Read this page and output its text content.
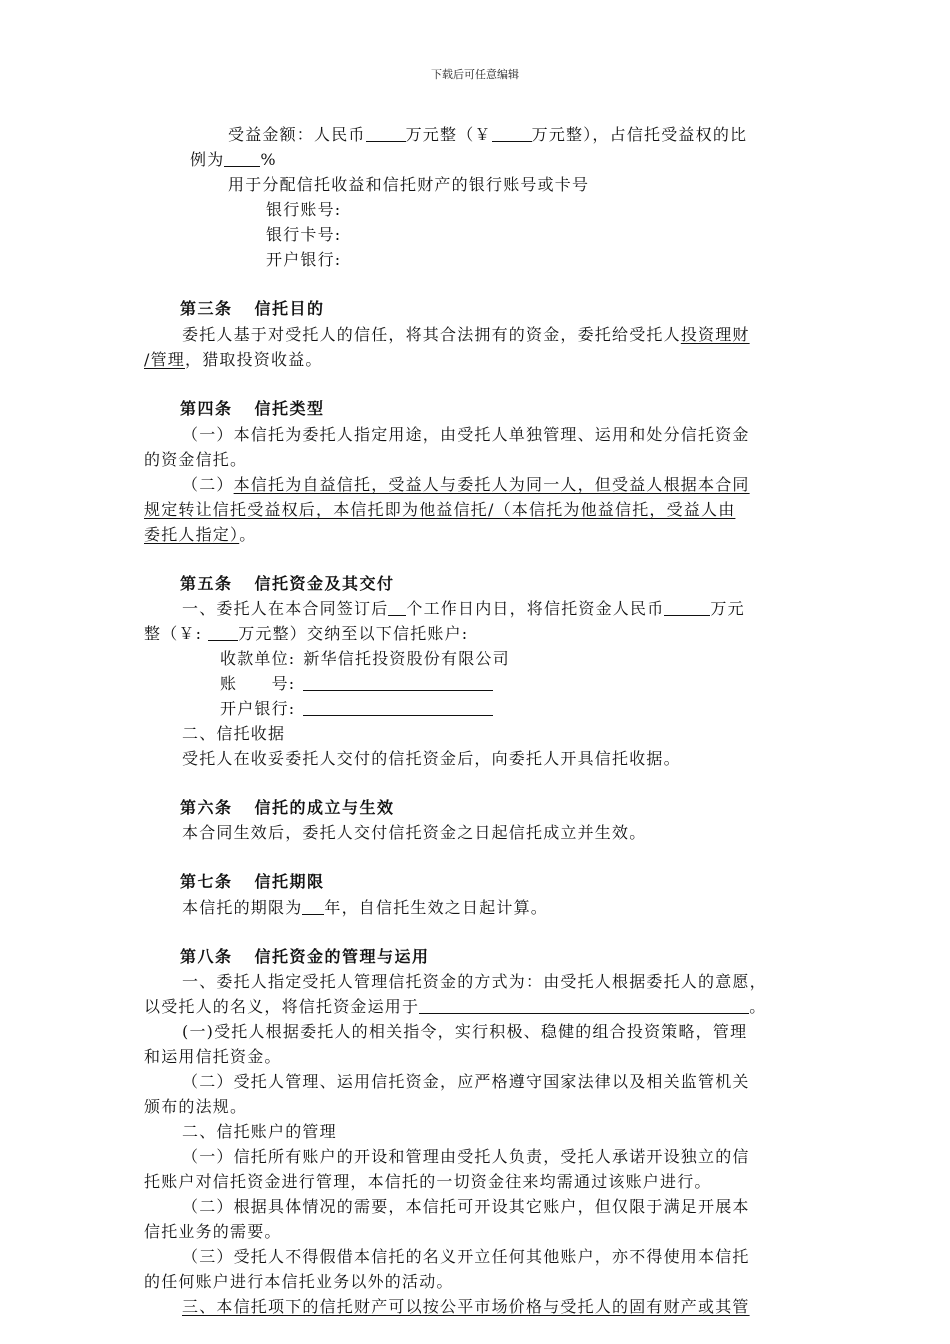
下载后可任意编辑
受益金额：人民币	万元整（￥	万元整），占信托受益权的比
例为 %
用于分配信托收益和信托财产的银行账号或卡号
银行账号:
银行卡号:
开户银行:
第三条 信托目的
委托人基于对受托人的信任，将其合法拥有的资金，委托给受托人投资理财
/管理，猎取投资收益。
第四条 信托类型
（一）本信托为委托人指定用途，由受托人单独管理、运用和处分信托资金
的资金信托。
（二）本信托为自益信托，受益人与委托人为同一人，但受益人根据本合同
规定转让信托受益权后，本信托即为他益信托/（本信托为他益信托，受益人由
委托人指定）。
第五条 信托资金及其交付
一、委托人在本合同签订后 个工作日内日，将信托资金人民币	万元
整（￥: 万元整）交纳至以下信托账户:
收款单位: 新华信托投资股份有限公司
账　　号:
开户银行:
二、信托收据
受托人在收妥委托人交付的信托资金后，向委托人开具信托收据。
第六条 信托的成立与生效
本合同生效后，委托人交付信托资金之日起信托成立并生效。
第七条 信托期限
本信托的期限为 年，自信托生效之日起计算。
第八条 信托资金的管理与运用
一、委托人指定受托人管理信托资金的方式为：由受托人根据委托人的意愿，
以受托人的名义，将信托资金运用于	。
(一)受托人根据委托人的相关指令，实行积极、稳健的组合投资策略，管理
和运用信托资金。
（二）受托人管理、运用信托资金，应严格遵守国家法律以及相关监管机关
颁布的法规。
二、信托账户的管理
（一）信托所有账户的开设和管理由受托人负责，受托人承诺开设独立的信
托账户对信托资金进行管理，本信托的一切资金往来均需通过该账户进行。
（二）根据具体情况的需要，本信托可开设其它账户，但仅限于满足开展本
信托业务的需要。
（三）受托人不得假借本信托的名义开立任何其他账户，亦不得使用本信托
的任何账户进行本信托业务以外的活动。
三、本信托项下的信托财产可以按公平市场价格与受托人的固有财产或其管
